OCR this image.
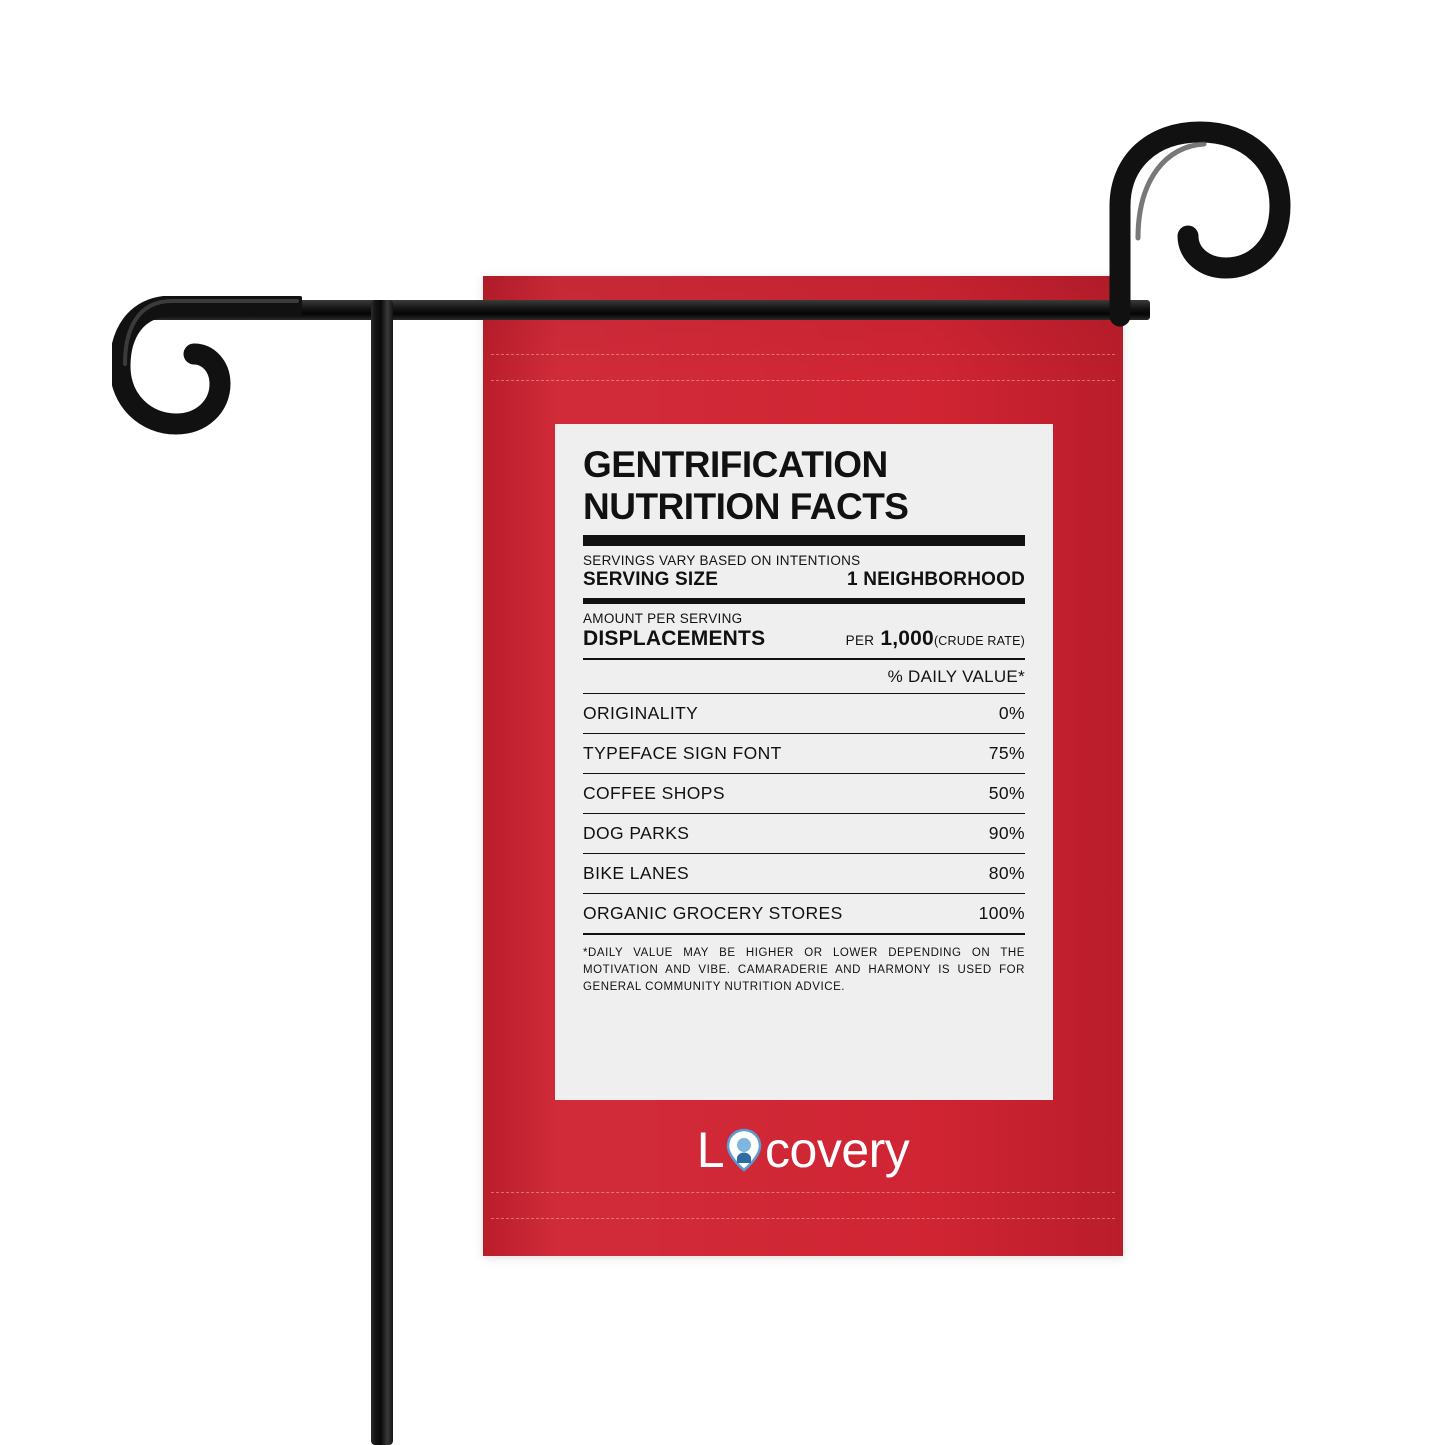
GENTRIFICATION
NUTRITION FACTS
SERVINGS VARY BASED ON INTENTIONS
SERVING SIZE	1 NEIGHBORHOOD
AMOUNT PER SERVING
DISPLACEMENTS	PER 1,000(CRUDE RATE)
% DAILY VALUE*
ORIGINALITY	0%
TYPEFACE SIGN FONT	75%
COFFEE SHOPS	50%
DOG PARKS	90%
BIKE LANES	80%
ORGANIC GROCERY STORES	100%
*DAILY VALUE MAY BE HIGHER OR LOWER DEPENDING ON THE MOTIVATION AND VIBE. CAMARADERIE AND HARMONY IS USED FOR GENERAL COMMUNITY NUTRITION ADVICE.
L covery
